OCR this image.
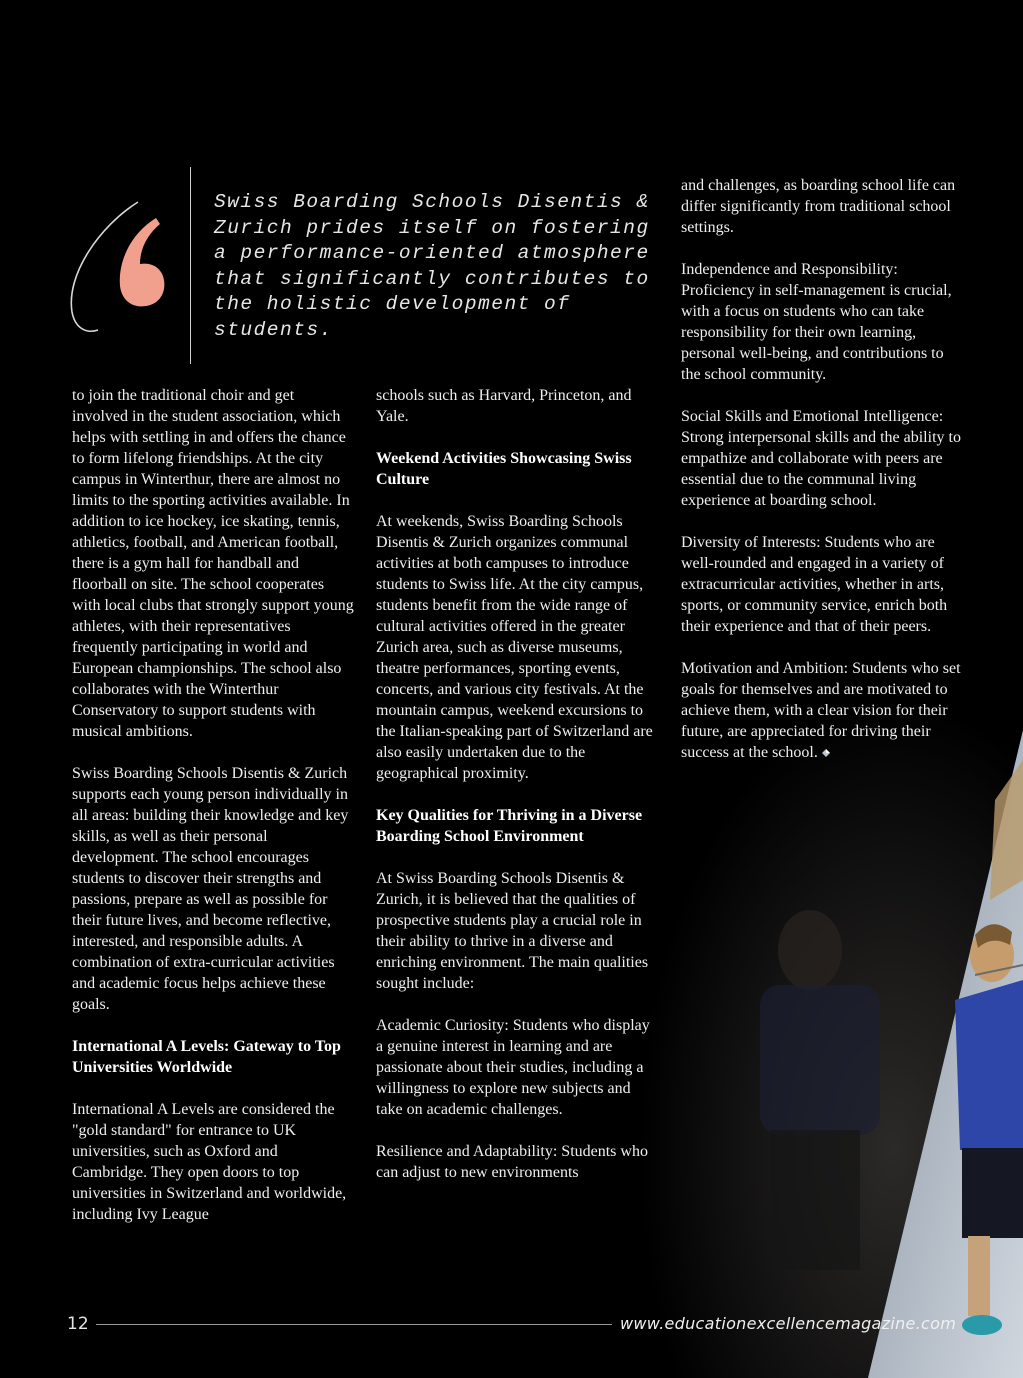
Swiss Boarding Schools Disentis & Zurich prides itself on fostering a performance-oriented atmosphere that significantly contributes to the holistic development of students.

to join the traditional choir and get involved in the student association, which helps with settling in and offers the chance to form lifelong friendships. At the city campus in Winterthur, there are almost no limits to the sporting activities available. In addition to ice hockey, ice skating, tennis, athletics, football, and American football, there is a gym hall for handball and floorball on site. The school cooperates with local clubs that strongly support young athletes, with their representatives frequently participating in world and European championships. The school also collaborates with the Winterthur Conservatory to support students with musical ambitions.

Swiss Boarding Schools Disentis & Zurich supports each young person individually in all areas: building their knowledge and key skills, as well as their personal development. The school encourages students to discover their strengths and passions, prepare as well as possible for their future lives, and become reflective, interested, and responsible adults. A combination of extra-curricular activities and academic focus helps achieve these goals.

International A Levels: Gateway to Top Universities Worldwide

International A Levels are considered the "gold standard" for entrance to UK universities, such as Oxford and Cambridge. They open doors to top universities in Switzerland and worldwide, including Ivy League

schools such as Harvard, Princeton, and Yale.

Weekend Activities Showcasing Swiss Culture

At weekends, Swiss Boarding Schools Disentis & Zurich organizes communal activities at both campuses to introduce students to Swiss life. At the city campus, students benefit from the wide range of cultural activities offered in the greater Zurich area, such as diverse museums, theatre performances, sporting events, concerts, and various city festivals. At the mountain campus, weekend excursions to the Italian-speaking part of Switzerland are also easily undertaken due to the geographical proximity.

Key Qualities for Thriving in a Diverse Boarding School Environment

At Swiss Boarding Schools Disentis & Zurich, it is believed that the qualities of prospective students play a crucial role in their ability to thrive in a diverse and enriching environment. The main qualities sought include:

Academic Curiosity: Students who display a genuine interest in learning and are passionate about their studies, including a willingness to explore new subjects and take on academic challenges.

Resilience and Adaptability: Students who can adjust to new environments

and challenges, as boarding school life can differ significantly from traditional school settings.

Independence and Responsibility: Proficiency in self-management is crucial, with a focus on students who can take responsibility for their own learning, personal well-being, and contributions to the school community.

Social Skills and Emotional Intelligence: Strong interpersonal skills and the ability to empathize and collaborate with peers are essential due to the communal living experience at boarding school.

Diversity of Interests: Students who are well-rounded and engaged in a variety of extracurricular activities, whether in arts, sports, or community service, enrich both their experience and that of their peers.

Motivation and Ambition: Students who set goals for themselves and are motivated to achieve them, with a clear vision for their future, are appreciated for driving their success at the school.

12	www.educationexcellencemagazine.com
